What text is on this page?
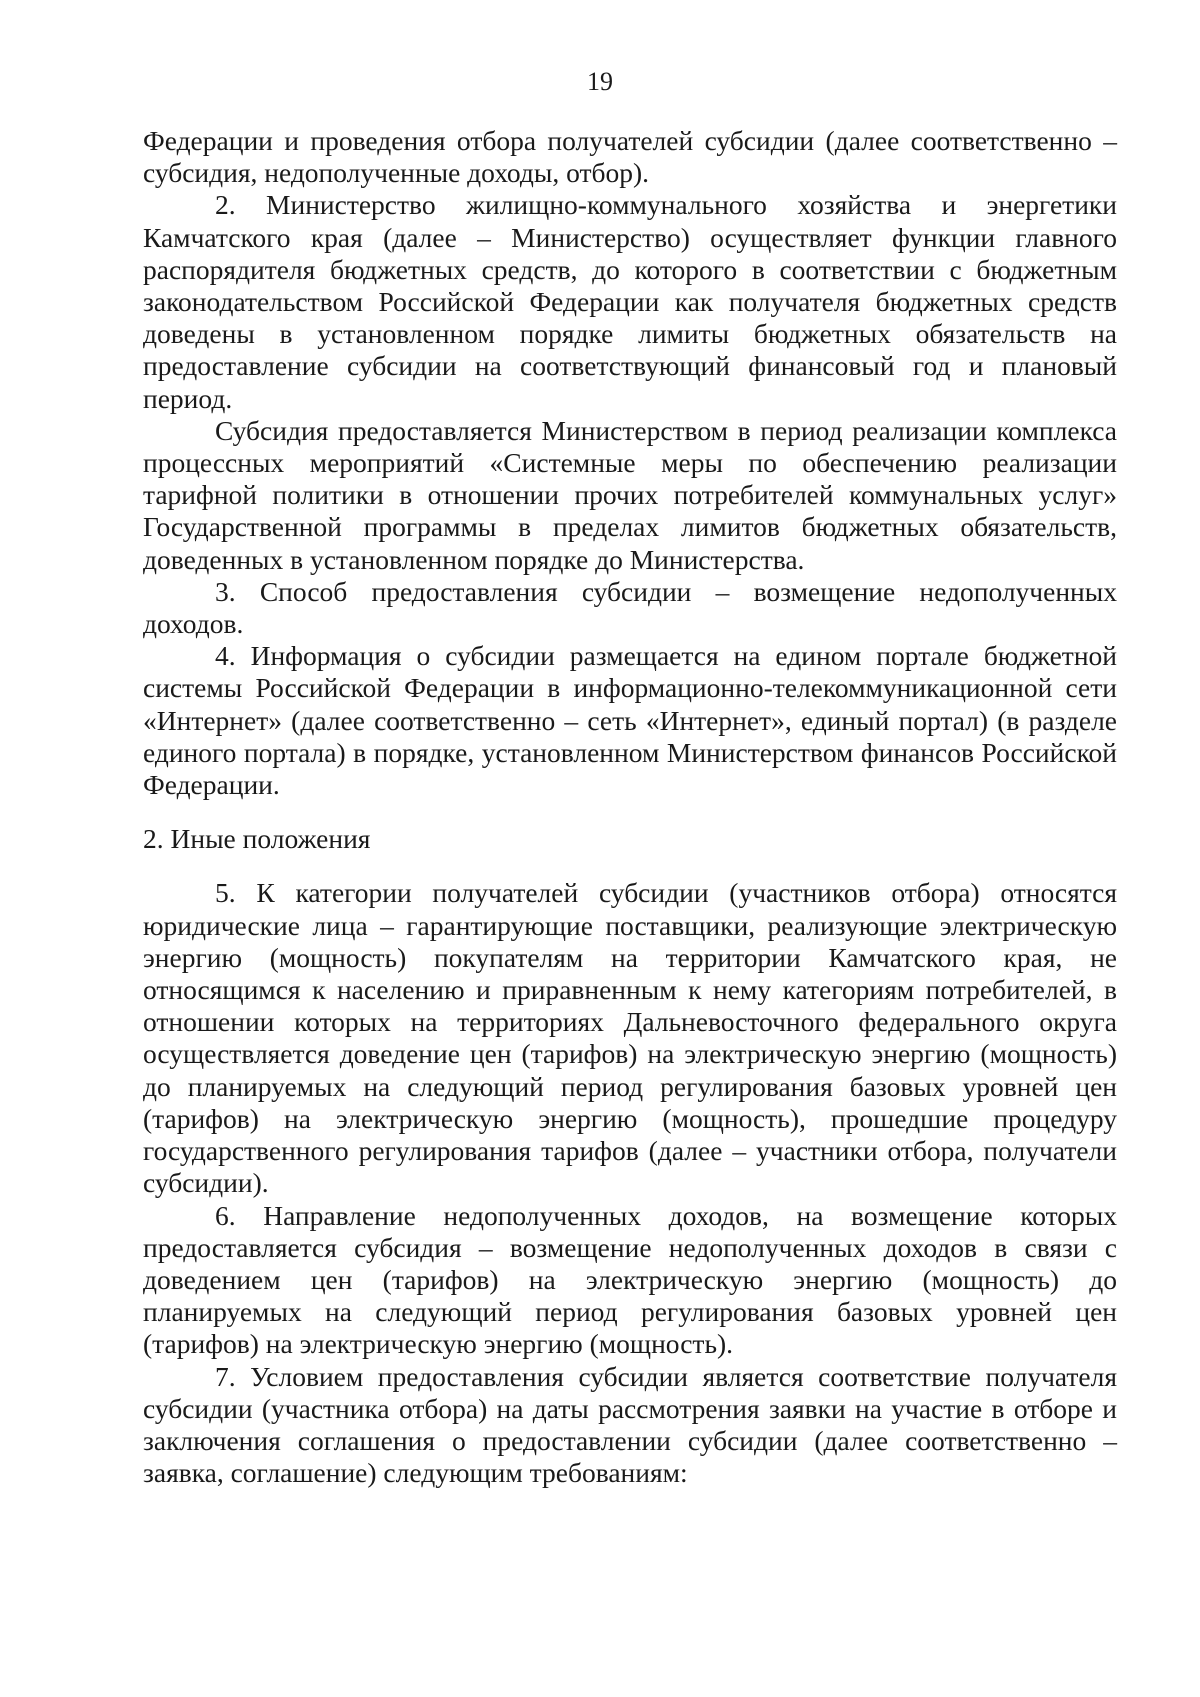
19

Федерации и проведения отбора получателей субсидии (далее соответственно – субсидия, недополученные доходы, отбор).

2. Министерство жилищно-коммунального хозяйства и энергетики Камчатского края (далее – Министерство) осуществляет функции главного распорядителя бюджетных средств, до которого в соответствии с бюджетным законодательством Российской Федерации как получателя бюджетных средств доведены в установленном порядке лимиты бюджетных обязательств на предоставление субсидии на соответствующий финансовый год и плановый период.

Субсидия предоставляется Министерством в период реализации комплекса процессных мероприятий «Системные меры по обеспечению реализации тарифной политики в отношении прочих потребителей коммунальных услуг» Государственной программы в пределах лимитов бюджетных обязательств, доведенных в установленном порядке до Министерства.

3. Способ предоставления субсидии – возмещение недополученных доходов.

4. Информация о субсидии размещается на едином портале бюджетной системы Российской Федерации в информационно-телекоммуникационной сети «Интернет» (далее соответственно – сеть «Интернет», единый портал) (в разделе единого портала) в порядке, установленном Министерством финансов Российской Федерации.

2. Иные положения

5. К категории получателей субсидии (участников отбора) относятся юридические лица – гарантирующие поставщики, реализующие электрическую энергию (мощность) покупателям на территории Камчатского края, не относящимся к населению и приравненным к нему категориям потребителей, в отношении которых на территориях Дальневосточного федерального округа осуществляется доведение цен (тарифов) на электрическую энергию (мощность) до планируемых на следующий период регулирования базовых уровней цен (тарифов) на электрическую энергию (мощность), прошедшие процедуру государственного регулирования тарифов (далее – участники отбора, получатели субсидии).

6. Направление недополученных доходов, на возмещение которых предоставляется субсидия – возмещение недополученных доходов в связи с доведением цен (тарифов) на электрическую энергию (мощность) до планируемых на следующий период регулирования базовых уровней цен (тарифов) на электрическую энергию (мощность).

7. Условием предоставления субсидии является соответствие получателя субсидии (участника отбора) на даты рассмотрения заявки на участие в отборе и заключения соглашения о предоставлении субсидии (далее соответственно – заявка, соглашение) следующим требованиям:
